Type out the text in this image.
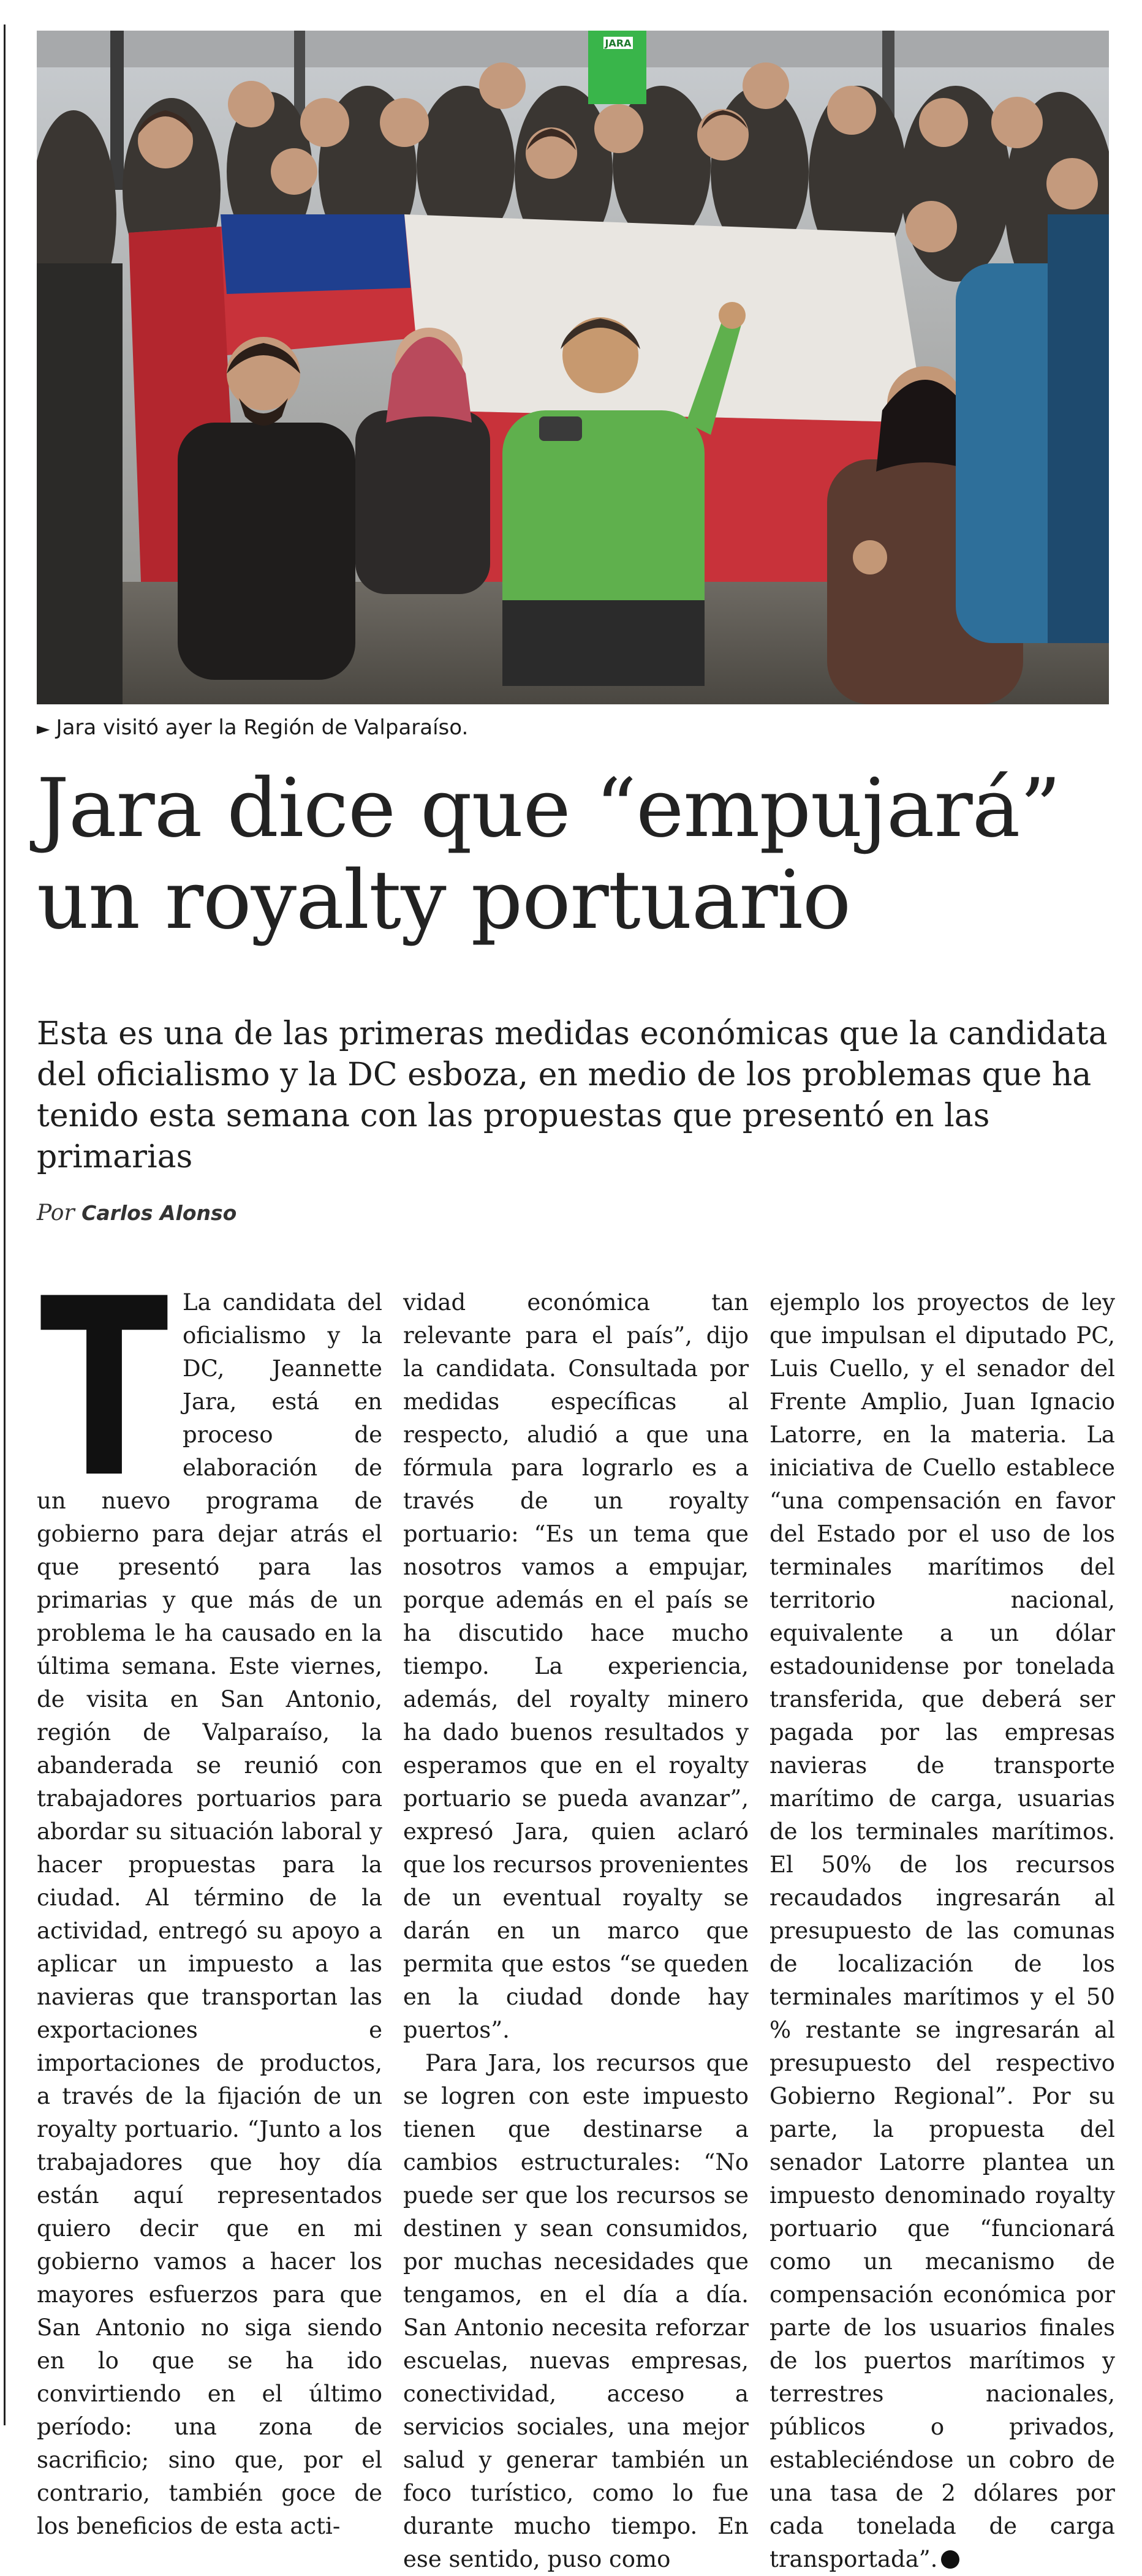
JARA
► Jara visitó ayer la Región de Valparaíso.
Jara dice que “empujará” un royalty portuario

Esta es una de las primeras medidas económicas que la candidata del oficialismo y la DC esboza, en medio de los problemas que ha tenido esta semana con las propuestas que presentó en las primarias

Por Carlos Alonso
T La candidata del oficialismo y la DC, Jeannette Jara, está en proceso de elaboración de un nuevo programa de gobierno para dejar atrás el que presentó para las primarias y que más de un problema le ha causado en la última semana. Este viernes, de visita en San Antonio, región de Valparaíso, la abanderada se reunió con trabajadores portuarios para abordar su situación laboral y hacer propuestas para la ciudad. Al término de la actividad, entregó su apoyo a aplicar un impuesto a las navieras que transportan las exportaciones e importaciones de productos, a través de la fijación de un royalty portuario. “Junto a los trabajadores que hoy día están aquí representados quiero decir que en mi gobierno vamos a hacer los mayores esfuerzos para que San Antonio no siga siendo en lo que se ha ido convirtiendo en el último período: una zona de sacrificio; sino que, por el contrario, también goce de los beneficios de esta acti-

vidad económica tan relevante para el país”, dijo la candidata. Consultada por medidas específicas al respecto, aludió a que una fórmula para lograrlo es a través de un royalty portuario: “Es un tema que nosotros vamos a empujar, porque además en el país se ha discutido hace mucho tiempo. La experiencia, además, del royalty minero ha dado buenos resultados y esperamos que en el royalty portuario se pueda avanzar”, expresó Jara, quien aclaró que los recursos provenientes de un eventual royalty se darán en un marco que permita que estos “se queden en la ciudad donde hay puertos”.

Para Jara, los recursos que se logren con este impuesto tienen que destinarse a cambios estructurales: “No puede ser que los recursos se destinen y sean consumidos, por muchas necesidades que tengamos, en el día a día. San Antonio necesita reforzar escuelas, nuevas empresas, conectividad, acceso a servicios sociales, una mejor salud y generar también un foco turístico, como lo fue durante mucho tiempo. En ese sentido, puso como

ejemplo los proyectos de ley que impulsan el diputado PC, Luis Cuello, y el senador del Frente Amplio, Juan Ignacio Latorre, en la materia. La iniciativa de Cuello establece “una compensación en favor del Estado por el uso de los terminales marítimos del territorio nacional, equivalente a un dólar estadounidense por tonelada transferida, que deberá ser pagada por las empresas navieras de transporte marítimo de carga, usuarias de los terminales marítimos. El 50% de los recursos recaudados ingresarán al presupuesto de las comunas de localización de los terminales marítimos y el 50 % restante se ingresarán al presupuesto del respectivo Gobierno Regional”. Por su parte, la propuesta del senador Latorre plantea un impuesto denominado royalty portuario que “funcionará como un mecanismo de compensación económica por parte de los usuarios finales de los puertos marítimos y terrestres nacionales, públicos o privados, estableciéndose un cobro de una tasa de 2 dólares por cada tonelada de carga transportada”.
